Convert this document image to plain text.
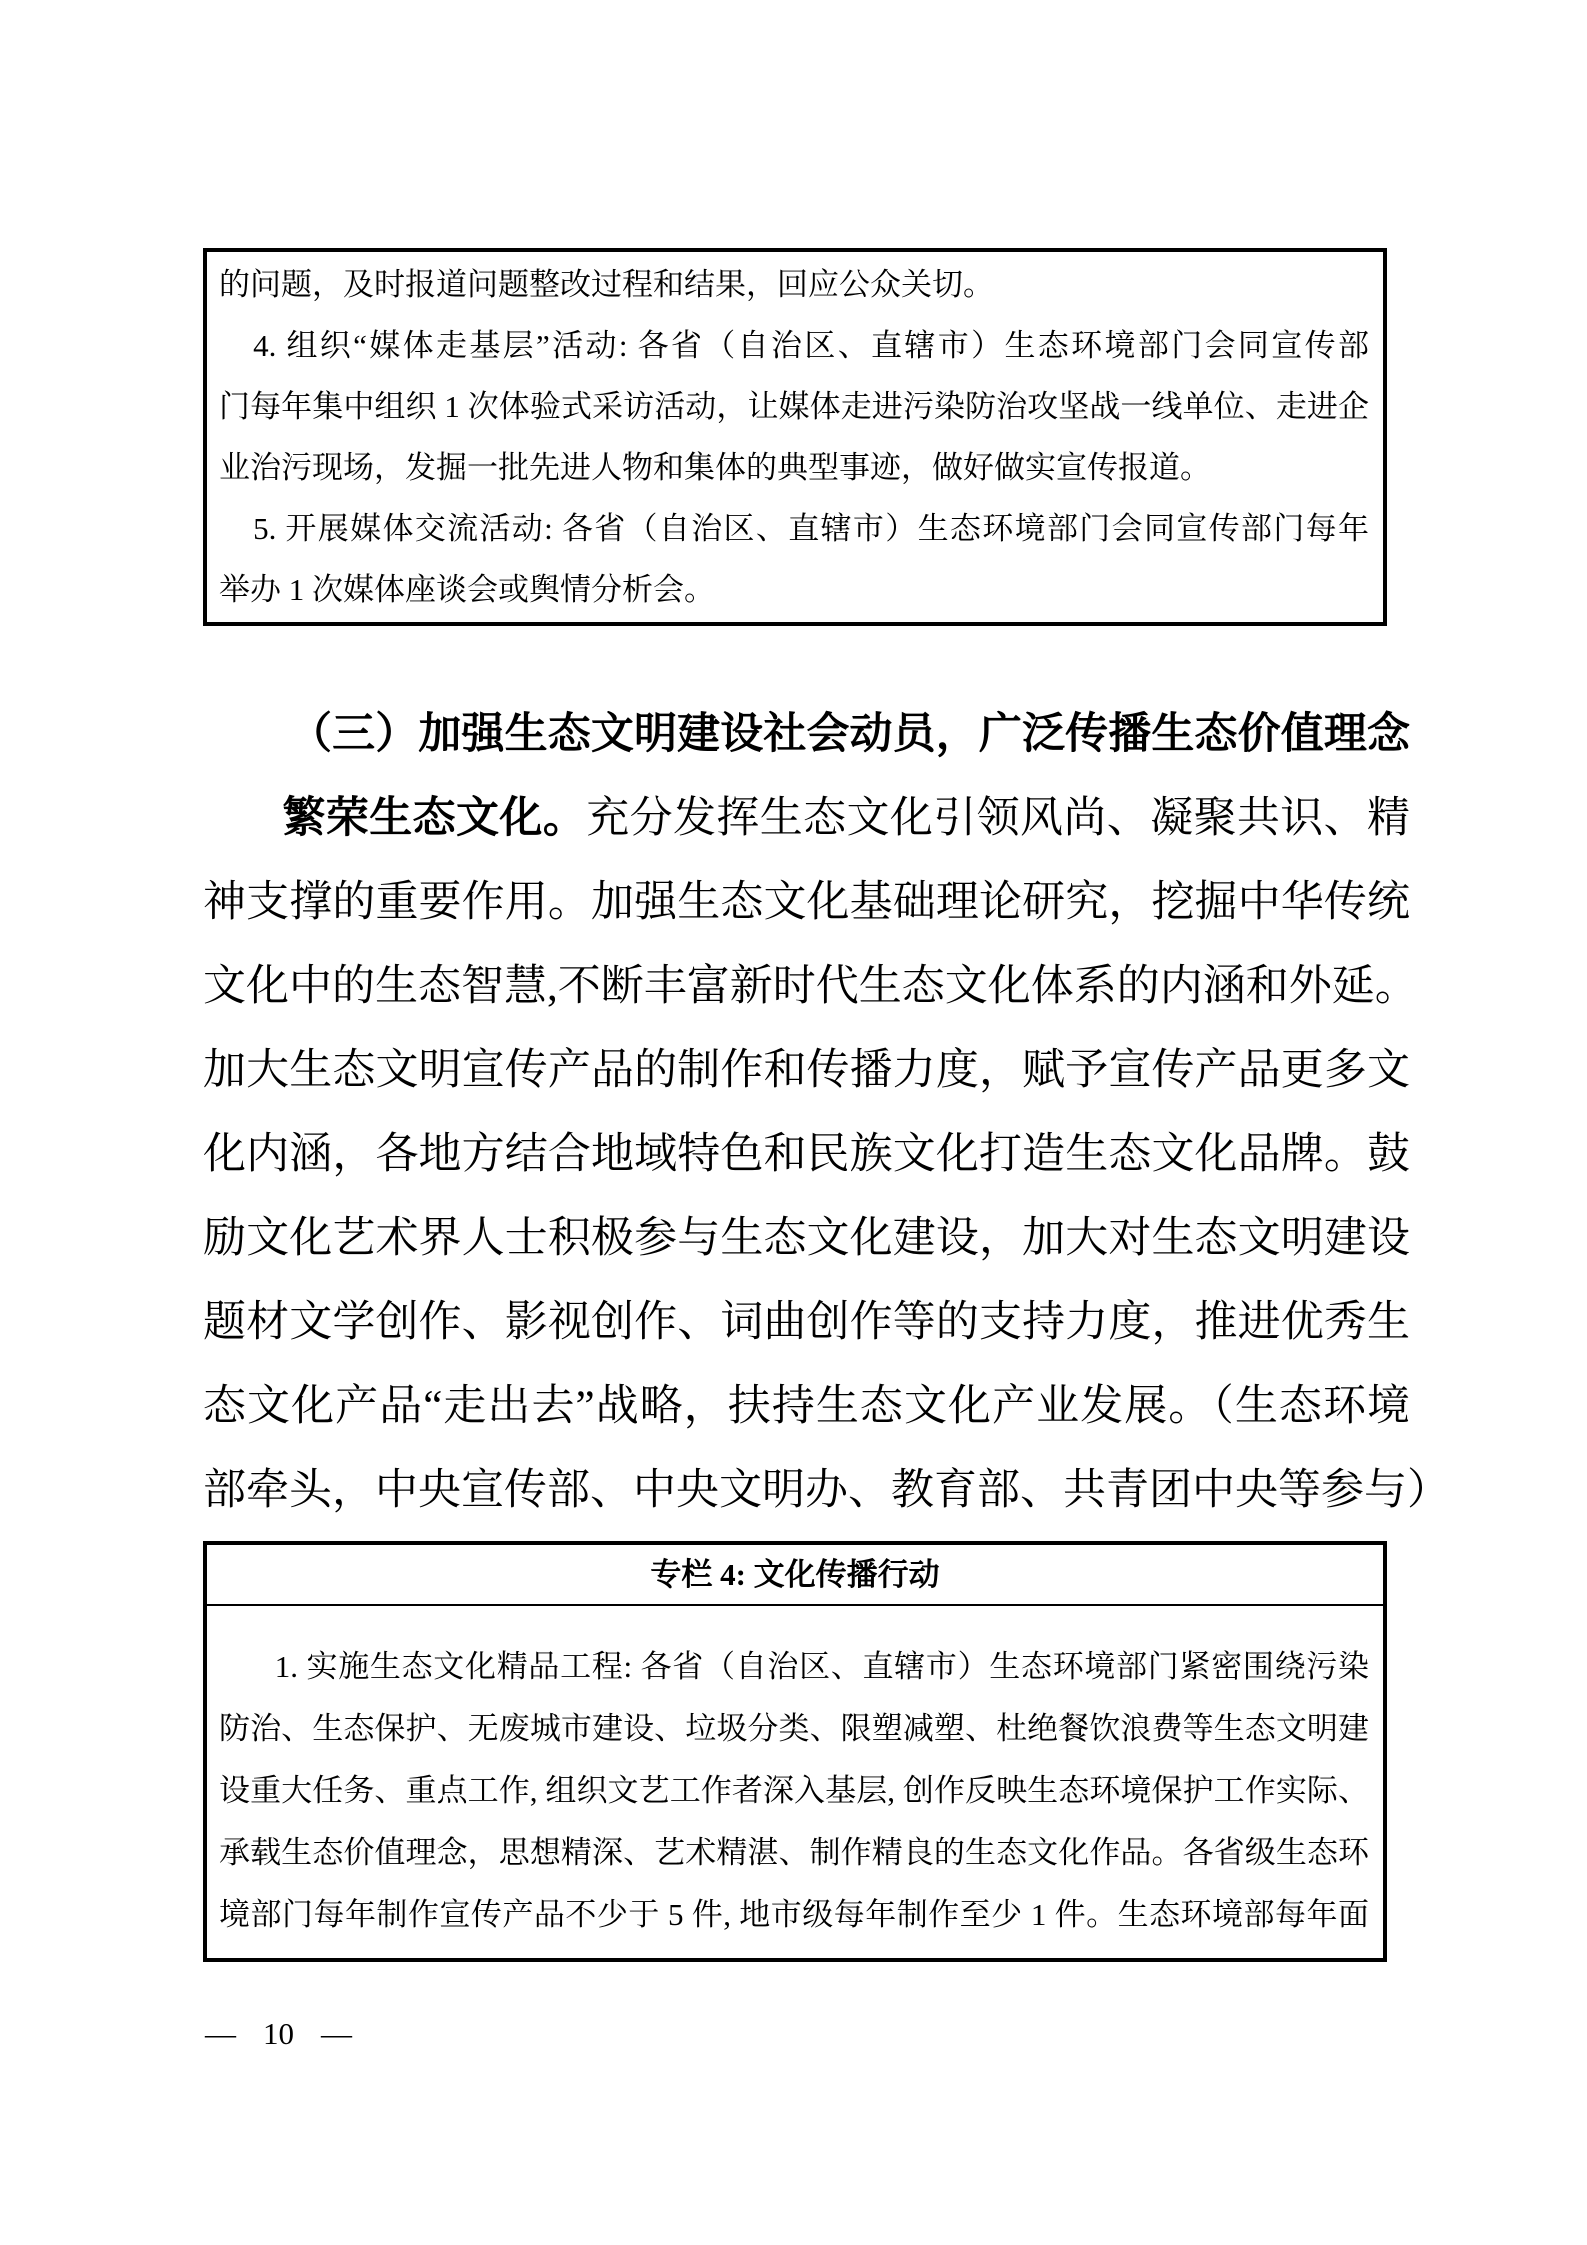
的问题，及时报道问题整改过程和结果，回应公众关切。
4. 组织“媒体走基层”活动: 各省（自治区、直辖市）生态环境部门会同宣传部
门每年集中组织 1 次体验式采访活动，让媒体走进污染防治攻坚战一线单位、走进企
业治污现场，发掘一批先进人物和集体的典型事迹，做好做实宣传报道。
5. 开展媒体交流活动: 各省（自治区、直辖市）生态环境部门会同宣传部门每年
举办 1 次媒体座谈会或舆情分析会。
（三）加强生态文明建设社会动员，广泛传播生态价值理念
繁荣生态文化。充分发挥生态文化引领风尚、凝聚共识、精
神支撑的重要作用。加强生态文化基础理论研究，挖掘中华传统
文化中的生态智慧,不断丰富新时代生态文化体系的内涵和外延。
加大生态文明宣传产品的制作和传播力度，赋予宣传产品更多文
化内涵，各地方结合地域特色和民族文化打造生态文化品牌。鼓
励文化艺术界人士积极参与生态文化建设，加大对生态文明建设
题材文学创作、影视创作、词曲创作等的支持力度，推进优秀生
态文化产品“走出去”战略，扶持生态文化产业发展。（生态环境
部牵头，中央宣传部、中央文明办、教育部、共青团中央等参与）
专栏 4: 文化传播行动
1. 实施生态文化精品工程: 各省（自治区、直辖市）生态环境部门紧密围绕污染
防治、生态保护、无废城市建设、垃圾分类、限塑减塑、杜绝餐饮浪费等生态文明建
设重大任务、重点工作, 组织文艺工作者深入基层, 创作反映生态环境保护工作实际、
承载生态价值理念，思想精深、艺术精湛、制作精良的生态文化作品。各省级生态环
境部门每年制作宣传产品不少于 5 件, 地市级每年制作至少 1 件。生态环境部每年面
— 10 —
